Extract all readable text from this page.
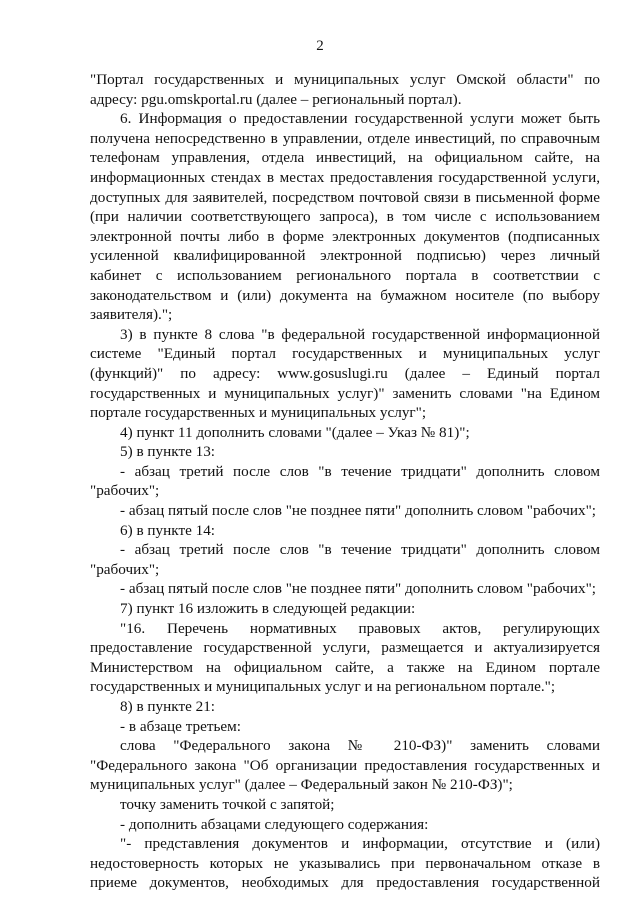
2

"Портал государственных и муниципальных услуг Омской области" по адресу: pgu.omskportal.ru (далее – региональный портал).

6. Информация о предоставлении государственной услуги может быть получена непосредственно в управлении, отделе инвестиций, по справочным телефонам управления, отдела инвестиций, на официальном сайте, на информационных стендах в местах предоставления государственной услуги, доступных для заявителей, посредством почтовой связи в письменной форме (при наличии соответствующего запроса), в том числе с использованием электронной почты либо в форме электронных документов (подписанных усиленной квалифицированной электронной подписью) через личный кабинет с использованием регионального портала в соответствии с законодательством и (или) документа на бумажном носителе (по выбору заявителя).";

3) в пункте 8 слова "в федеральной государственной информационной системе "Единый портал государственных и муниципальных услуг (функций)" по адресу: www.gosuslugi.ru (далее – Единый портал государственных и муниципальных услуг)" заменить словами "на Едином портале государственных и муниципальных услуг";

4) пункт 11 дополнить словами "(далее – Указ № 81)";

5) в пункте 13:

- абзац третий после слов "в течение тридцати" дополнить словом "рабочих";

- абзац пятый после слов "не позднее пяти" дополнить словом "рабочих";

6) в пункте 14:

- абзац третий после слов "в течение тридцати" дополнить словом "рабочих";

- абзац пятый после слов "не позднее пяти" дополнить словом "рабочих";

7) пункт 16 изложить в следующей редакции:

"16. Перечень нормативных правовых актов, регулирующих предоставление государственной услуги, размещается и актуализируется Министерством на официальном сайте, а также на Едином портале государственных и муниципальных услуг и на региональном портале.";

8) в пункте 21:

- в абзаце третьем:

слова "Федерального закона № 210-ФЗ)" заменить словами "Федерального закона "Об организации предоставления государственных и муниципальных услуг" (далее – Федеральный закон № 210-ФЗ)";

точку заменить точкой с запятой;

- дополнить абзацами следующего содержания:

"- представления документов и информации, отсутствие и (или) недостоверность которых не указывались при первоначальном отказе в приеме документов, необходимых для предоставления государственной
